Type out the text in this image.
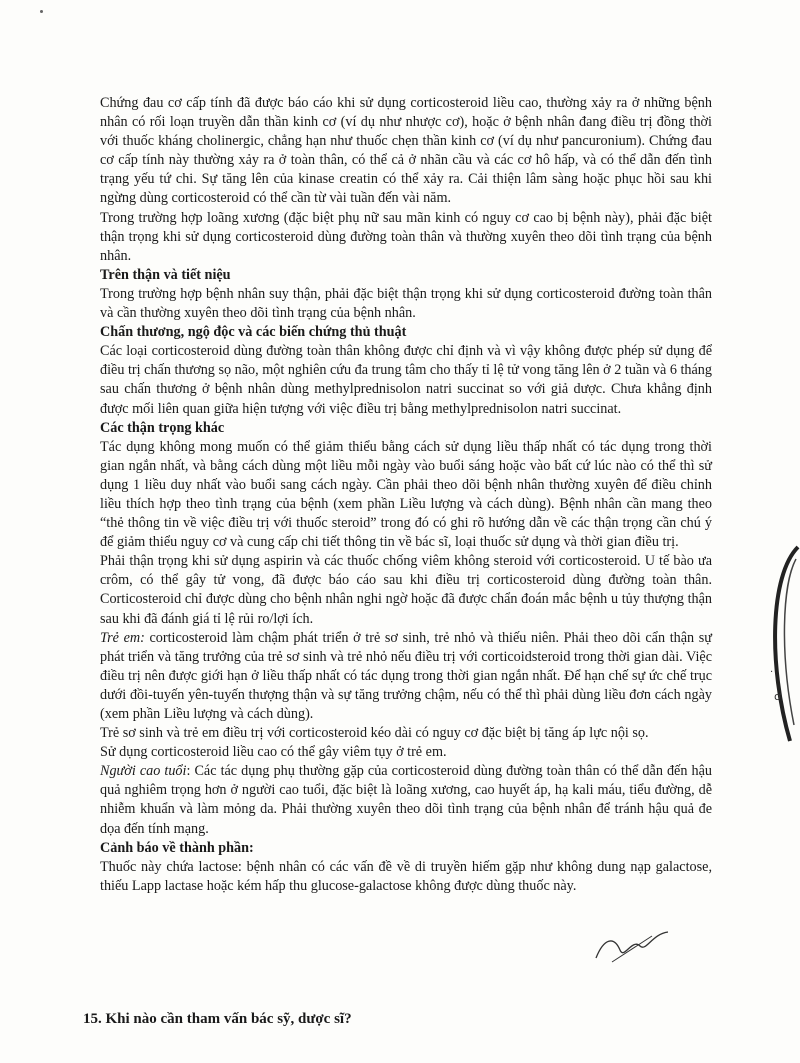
Chứng đau cơ cấp tính đã được báo cáo khi sử dụng corticosteroid liều cao, thường xảy ra ở những bệnh nhân có rối loạn truyền dẫn thần kinh cơ (ví dụ như nhược cơ), hoặc ở bệnh nhân đang điều trị đồng thời với thuốc kháng cholinergic, chẳng hạn như thuốc chẹn thần kinh cơ (ví dụ như pancuronium). Chứng đau cơ cấp tính này thường xảy ra ở toàn thân, có thể cả ở nhãn cầu và các cơ hô hấp, và có thể dẫn đến tình trạng yếu tứ chi. Sự tăng lên của kinase creatin có thể xảy ra. Cải thiện lâm sàng hoặc phục hồi sau khi ngừng dùng corticosteroid có thể cần từ vài tuần đến vài năm.

Trong trường hợp loãng xương (đặc biệt phụ nữ sau mãn kinh có nguy cơ cao bị bệnh này), phải đặc biệt thận trọng khi sử dụng corticosteroid dùng đường toàn thân và thường xuyên theo dõi tình trạng của bệnh nhân.

Trên thận và tiết niệu

Trong trường hợp bệnh nhân suy thận, phải đặc biệt thận trọng khi sử dụng corticosteroid đường toàn thân và cần thường xuyên theo dõi tình trạng của bệnh nhân.

Chấn thương, ngộ độc và các biến chứng thủ thuật

Các loại corticosteroid dùng đường toàn thân không được chỉ định và vì vậy không được phép sử dụng để điều trị chấn thương sọ não, một nghiên cứu đa trung tâm cho thấy tỉ lệ tử vong tăng lên ở 2 tuần và 6 tháng sau chấn thương ở bệnh nhân dùng methylprednisolon natri succinat so với giả dược. Chưa khẳng định được mối liên quan giữa hiện tượng với việc điều trị bằng methylprednisolon natri succinat.

Các thận trọng khác

Tác dụng không mong muốn có thể giảm thiểu bằng cách sử dụng liều thấp nhất có tác dụng trong thời gian ngắn nhất, và bằng cách dùng một liều mỗi ngày vào buổi sáng hoặc vào bất cứ lúc nào có thể thì sử dụng 1 liều duy nhất vào buổi sang cách ngày. Cần phải theo dõi bệnh nhân thường xuyên để điều chỉnh liều thích hợp theo tình trạng của bệnh (xem phần Liều lượng và cách dùng). Bệnh nhân cần mang theo “thẻ thông tin về việc điều trị với thuốc steroid” trong đó có ghi rõ hướng dẫn về các thận trọng cần chú ý để giảm thiểu nguy cơ và cung cấp chi tiết thông tin về bác sĩ, loại thuốc sử dụng và thời gian điều trị.

Phải thận trọng khi sử dụng aspirin và các thuốc chống viêm không steroid với corticosteroid. U tế bào ưa crôm, có thể gây tử vong, đã được báo cáo sau khi điều trị corticosteroid dùng đường toàn thân. Corticosteroid chỉ được dùng cho bệnh nhân nghi ngờ hoặc đã được chẩn đoán mắc bệnh u tủy thượng thận sau khi đã đánh giá tỉ lệ rủi ro/lợi ích.

Trẻ em: corticosteroid làm chậm phát triển ở trẻ sơ sinh, trẻ nhỏ và thiếu niên. Phải theo dõi cẩn thận sự phát triển và tăng trưởng của trẻ sơ sinh và trẻ nhỏ nếu điều trị với corticoidsteroid trong thời gian dài. Việc điều trị nên được giới hạn ở liều thấp nhất có tác dụng trong thời gian ngắn nhất. Để hạn chế sự ức chế trục dưới đồi-tuyến yên-tuyến thượng thận và sự tăng trưởng chậm, nếu có thể thì phải dùng liều đơn cách ngày (xem phần Liều lượng và cách dùng).

Trẻ sơ sinh và trẻ em điều trị với corticosteroid kéo dài có nguy cơ đặc biệt bị tăng áp lực nội sọ.

Sử dụng corticosteroid liều cao có thể gây viêm tụy ở trẻ em.

Người cao tuổi: Các tác dụng phụ thường gặp của corticosteroid dùng đường toàn thân có thể dẫn đến hậu quả nghiêm trọng hơn ở người cao tuổi, đặc biệt là loãng xương, cao huyết áp, hạ kali máu, tiểu đường, dễ nhiễm khuẩn và làm mỏng da. Phải thường xuyên theo dõi tình trạng của bệnh nhân để tránh hậu quả đe dọa đến tính mạng.

Cảnh báo về thành phần:

Thuốc này chứa lactose: bệnh nhân có các vấn đề về di truyền hiếm gặp như không dung nạp galactose, thiếu Lapp lactase hoặc kém hấp thu glucose-galactose không được dùng thuốc này.

15. Khi nào cần tham vấn bác sỹ, dược sĩ?

·
ơ
